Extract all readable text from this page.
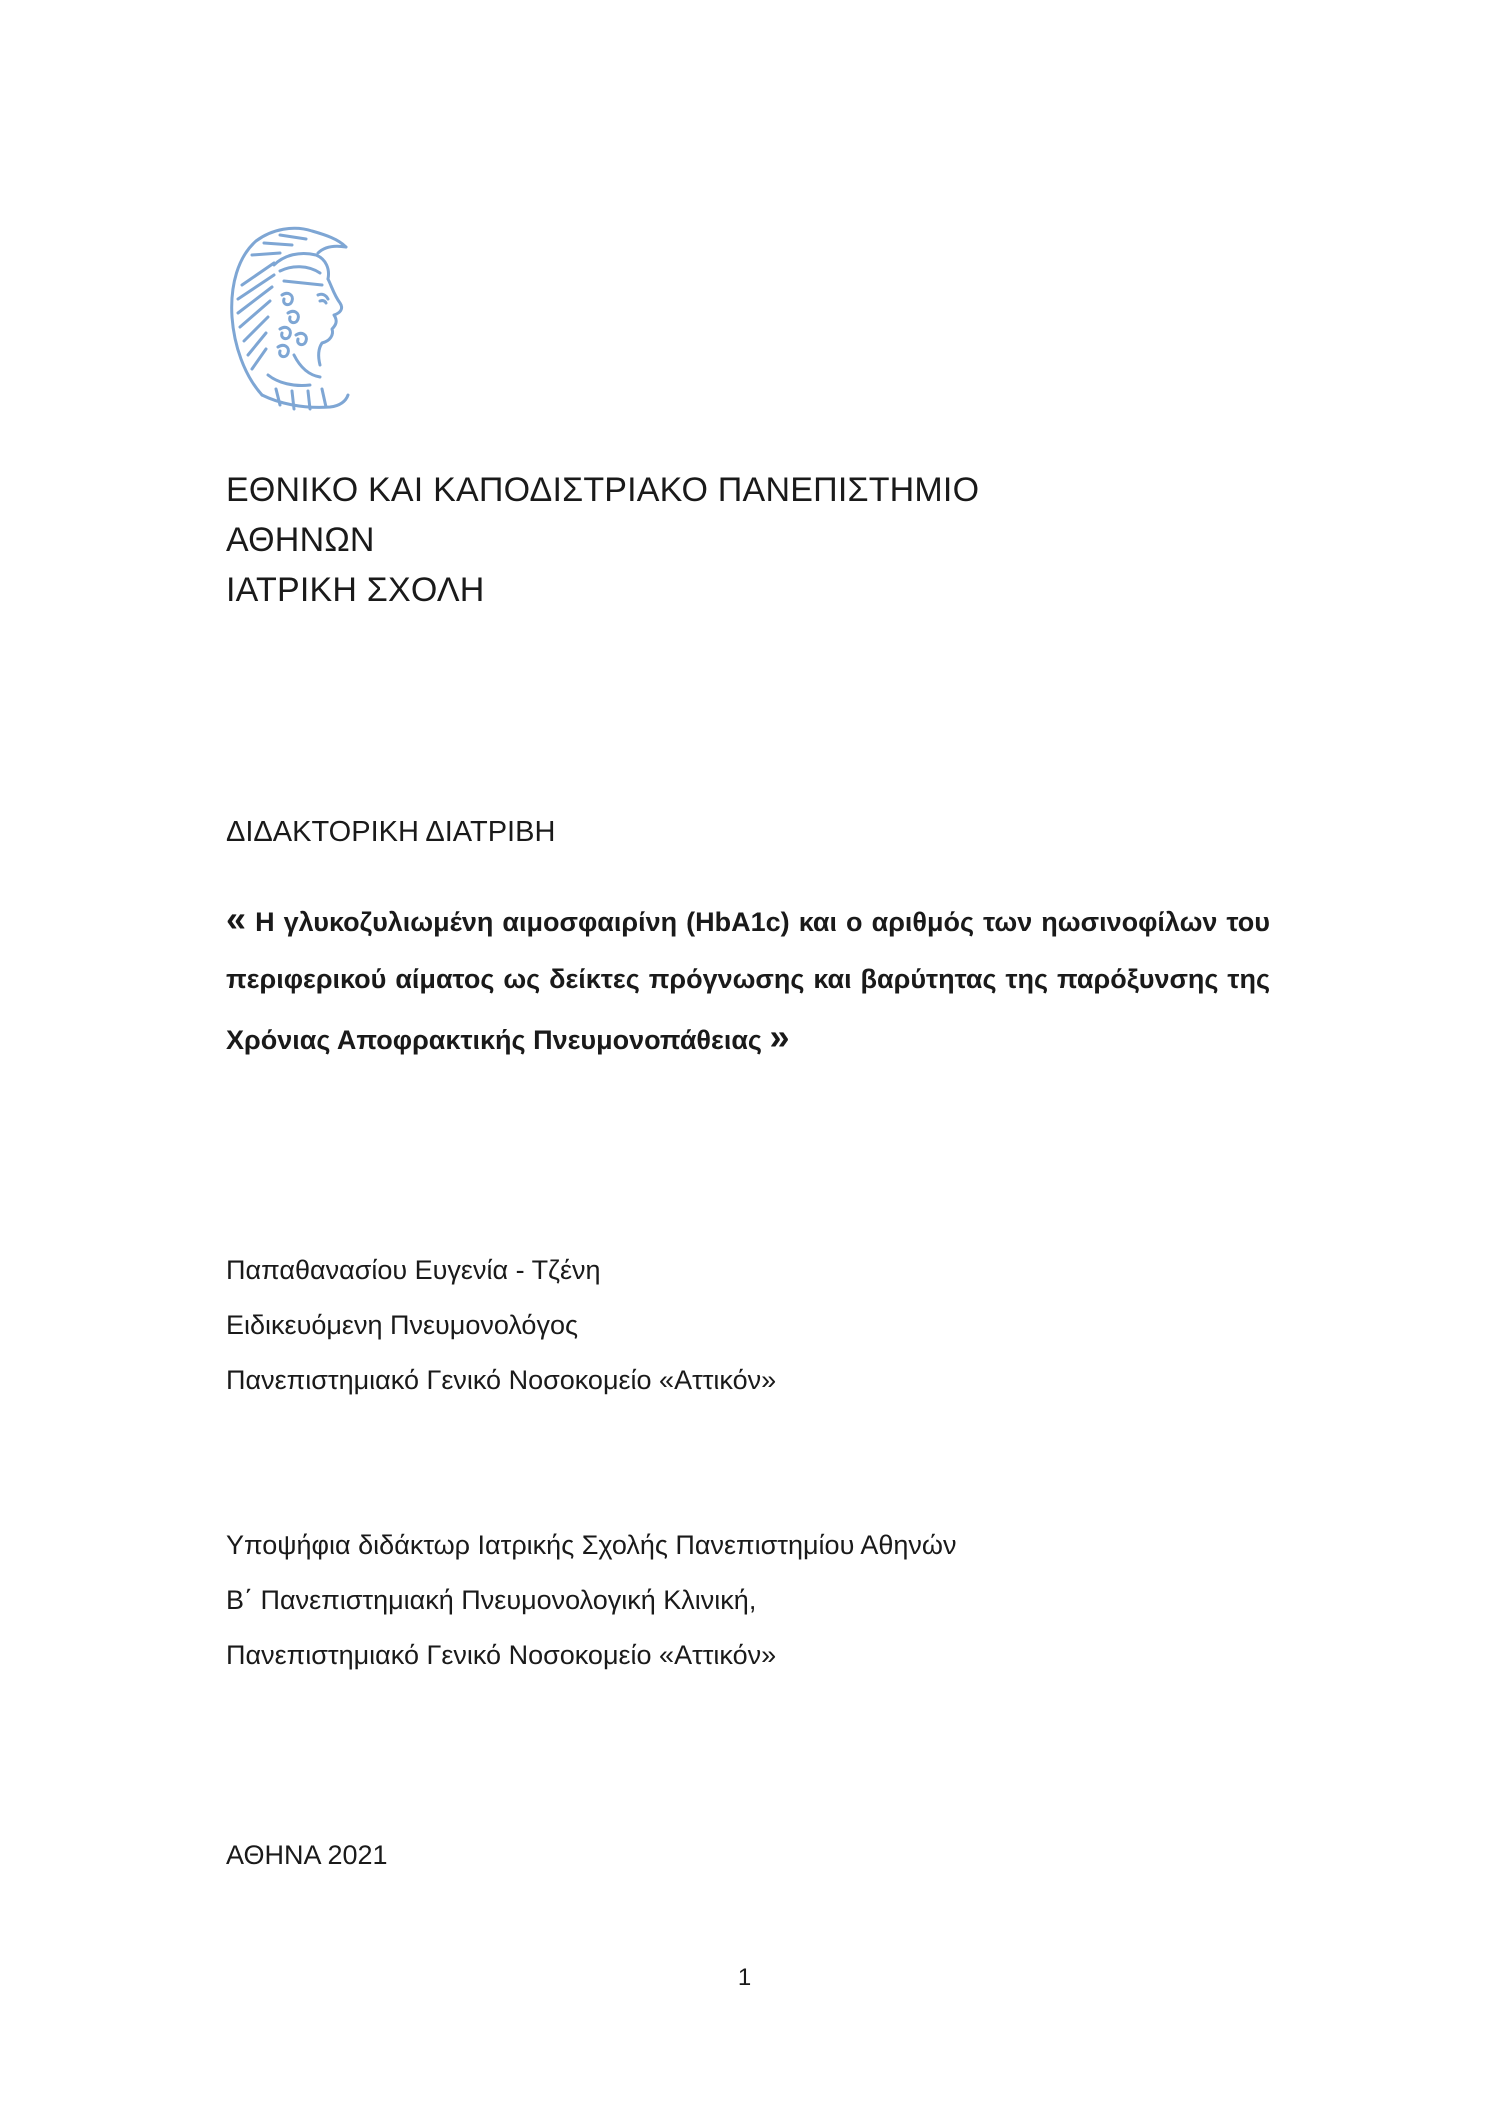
ΕΘΝΙΚΟ ΚΑΙ ΚΑΠΟΔΙΣΤΡΙΑΚΟ ΠΑΝΕΠΙΣΤΗΜΙΟ
ΑΘΗΝΩΝ
ΙΑΤΡΙΚΗ ΣΧΟΛΗ
ΔΙΔΑΚΤΟΡΙΚΗ ΔΙΑΤΡΙΒΗ
« Η γλυκοζυλιωμένη αιμοσφαιρίνη (HbA1c) και ο αριθμός των ηωσινοφίλων του περιφερικού αίματος ως δείκτες πρόγνωσης και βαρύτητας της παρόξυνσης της Χρόνιας Αποφρακτικής Πνευμονοπάθειας »
Παπαθανασίου Ευγενία - Τζένη
Ειδικευόμενη Πνευμονολόγος
Πανεπιστημιακό Γενικό Νοσοκομείο «Αττικόν»
Υποψήφια διδάκτωρ Ιατρικής Σχολής Πανεπιστημίου Αθηνών
Β΄ Πανεπιστημιακή Πνευμονολογική Κλινική,
Πανεπιστημιακό Γενικό Νοσοκομείο «Αττικόν»
ΑΘΗΝΑ 2021
1
